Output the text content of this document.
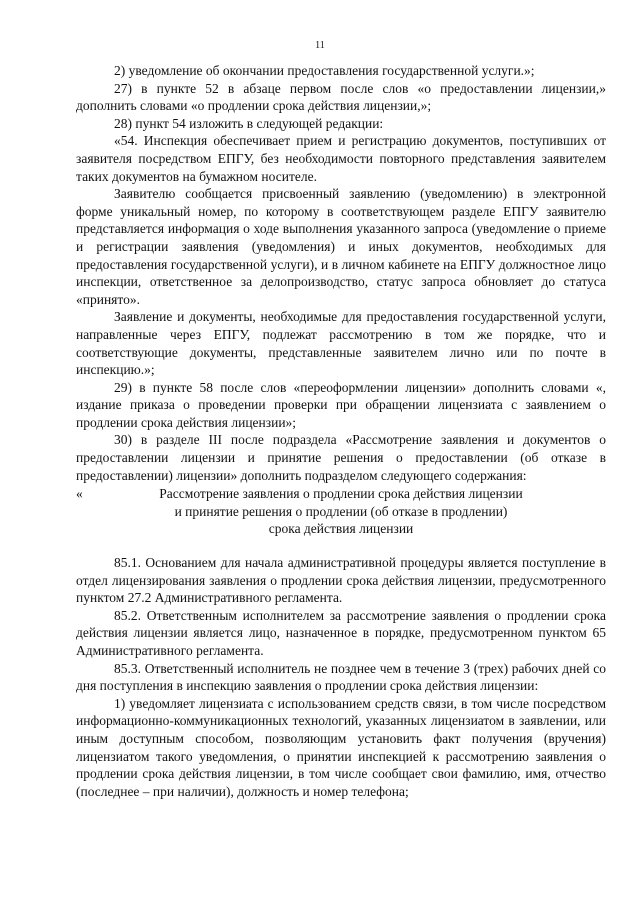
11

2) уведомление об окончании предоставления государственной услуги.»;

27) в пункте 52 в абзаце первом после слов «о предоставлении лицензии,» дополнить словами «о продлении срока действия лицензии,»;

28) пункт 54 изложить в следующей редакции:

«54. Инспекция обеспечивает прием и регистрацию документов, поступивших от заявителя посредством ЕПГУ, без необходимости повторного представления заявителем таких документов на бумажном носителе.

Заявителю сообщается присвоенный заявлению (уведомлению) в электронной форме уникальный номер, по которому в соответствующем разделе ЕПГУ заявителю представляется информация о ходе выполнения указанного запроса (уведомление о приеме и регистрации заявления (уведомления) и иных документов, необходимых для предоставления государственной услуги), и в личном кабинете на ЕПГУ должностное лицо инспекции, ответственное за делопроизводство, статус запроса обновляет до статуса «принято».

Заявление и документы, необходимые для предоставления государственной услуги, направленные через ЕПГУ, подлежат рассмотрению в том же порядке, что и соответствующие документы, представленные заявителем лично или по почте в инспекцию.»;

29) в пункте 58 после слов «переоформлении лицензии» дополнить словами «, издание приказа о проведении проверки при обращении лицензиата с заявлением о продлении срока действия лицензии»;

30) в разделе III после подраздела «Рассмотрение заявления и документов о предоставлении лицензии и принятие решения о предоставлении (об отказе в предоставлении) лицензии» дополнить подразделом следующего содержания:

«	Рассмотрение заявления о продлении срока действия лицензии

и принятие решения о продлении (об отказе в продлении)

срока действия лицензии

85.1. Основанием для начала административной процедуры является поступление в отдел лицензирования заявления о продлении срока действия лицензии, предусмотренного пунктом 27.2 Административного регламента.

85.2. Ответственным исполнителем за рассмотрение заявления о продлении срока действия лицензии является лицо, назначенное в порядке, предусмотренном пунктом 65 Административного регламента.

85.3. Ответственный исполнитель не позднее чем в течение 3 (трех) рабочих дней со дня поступления в инспекцию заявления о продлении срока действия лицензии:

1) уведомляет лицензиата с использованием средств связи, в том числе посредством информационно-коммуникационных технологий, указанных лицензиатом в заявлении, или иным доступным способом, позволяющим установить факт получения (вручения) лицензиатом такого уведомления, о принятии инспекцией к рассмотрению заявления о продлении срока действия лицензии, в том числе сообщает свои фамилию, имя, отчество (последнее – при наличии), должность и номер телефона;
